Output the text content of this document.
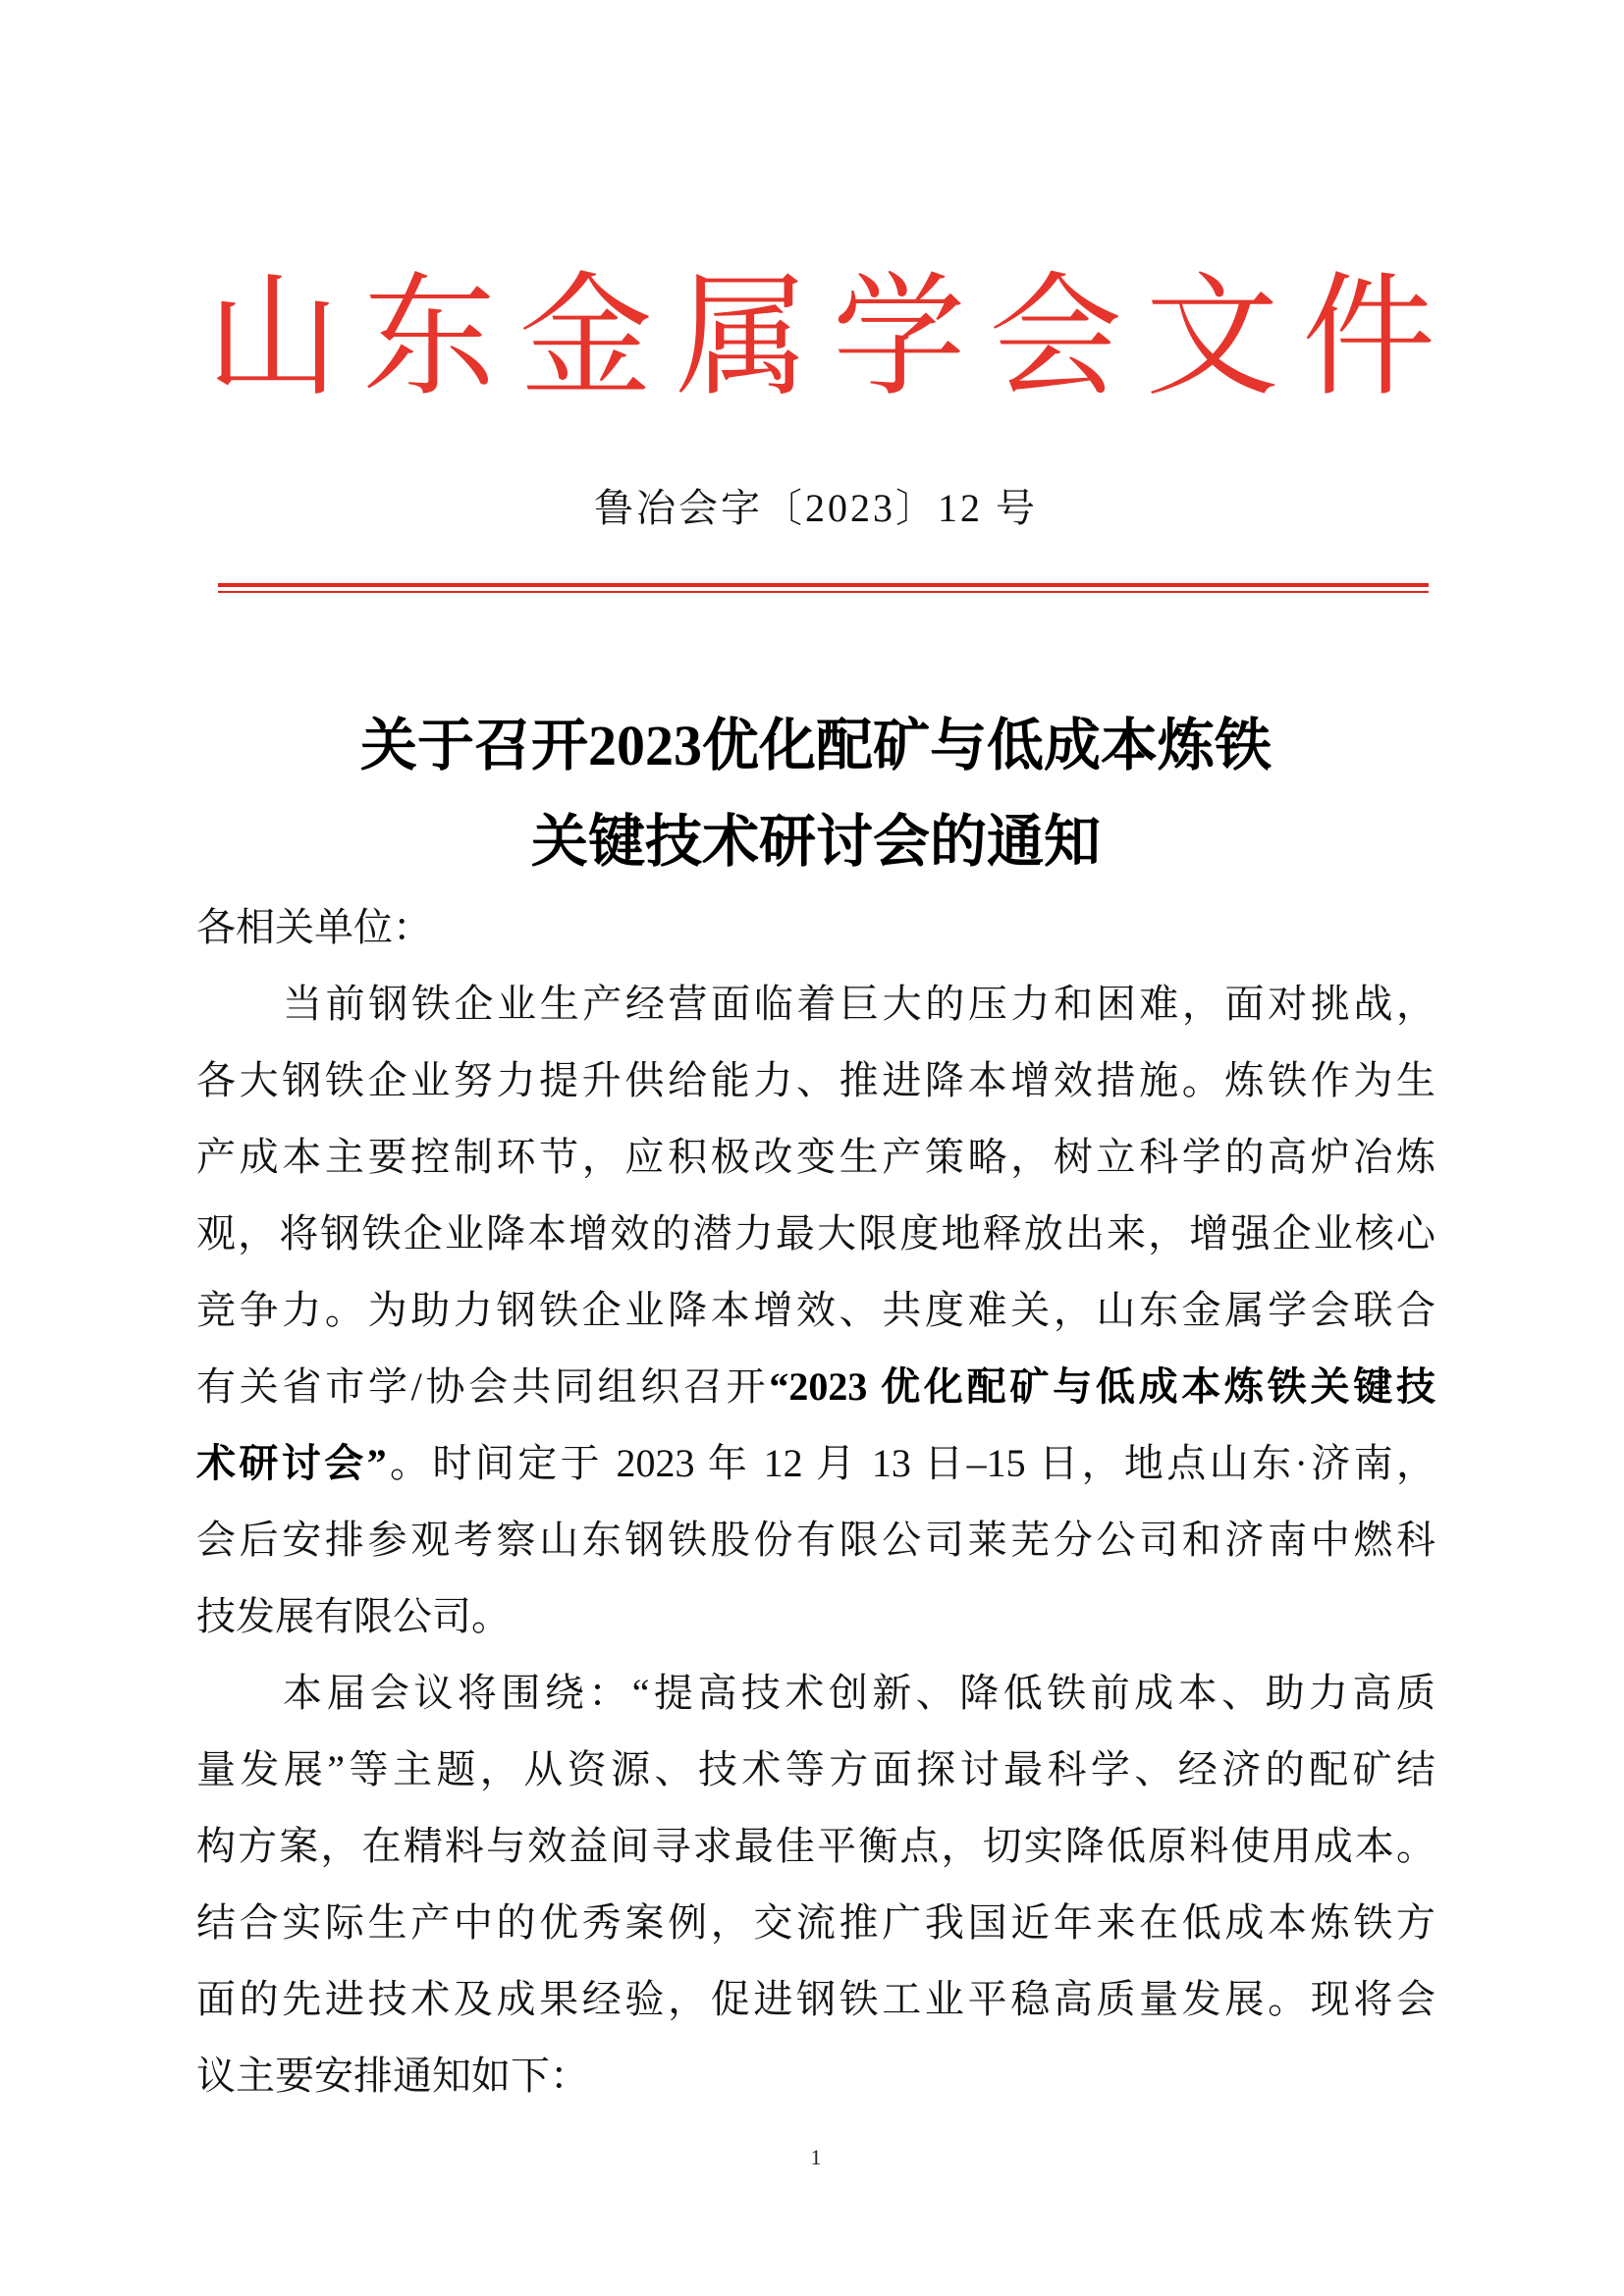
山东金属学会文件
鲁冶会字〔2023〕12 号
关于召开2023优化配矿与低成本炼铁
关键技术研讨会的通知
各相关单位：
当前钢铁企业生产经营面临着巨大的压力和困难，面对挑战，
各大钢铁企业努力提升供给能力、推进降本增效措施。炼铁作为生
产成本主要控制环节，应积极改变生产策略，树立科学的高炉冶炼
观，将钢铁企业降本增效的潜力最大限度地释放出来，增强企业核心
竞争力。为助力钢铁企业降本增效、共度难关，山东金属学会联合
有关省市学/协会共同组织召开“2023 优化配矿与低成本炼铁关键技
术研讨会”。时间定于 2023 年 12 月 13 日–15 日，地点山东·济南，
会后安排参观考察山东钢铁股份有限公司莱芜分公司和济南中燃科
技发展有限公司。
本届会议将围绕：“提高技术创新、降低铁前成本、助力高质
量发展”等主题，从资源、技术等方面探讨最科学、经济的配矿结
构方案，在精料与效益间寻求最佳平衡点，切实降低原料使用成本。
结合实际生产中的优秀案例，交流推广我国近年来在低成本炼铁方
面的先进技术及成果经验，促进钢铁工业平稳高质量发展。现将会
议主要安排通知如下：
1
